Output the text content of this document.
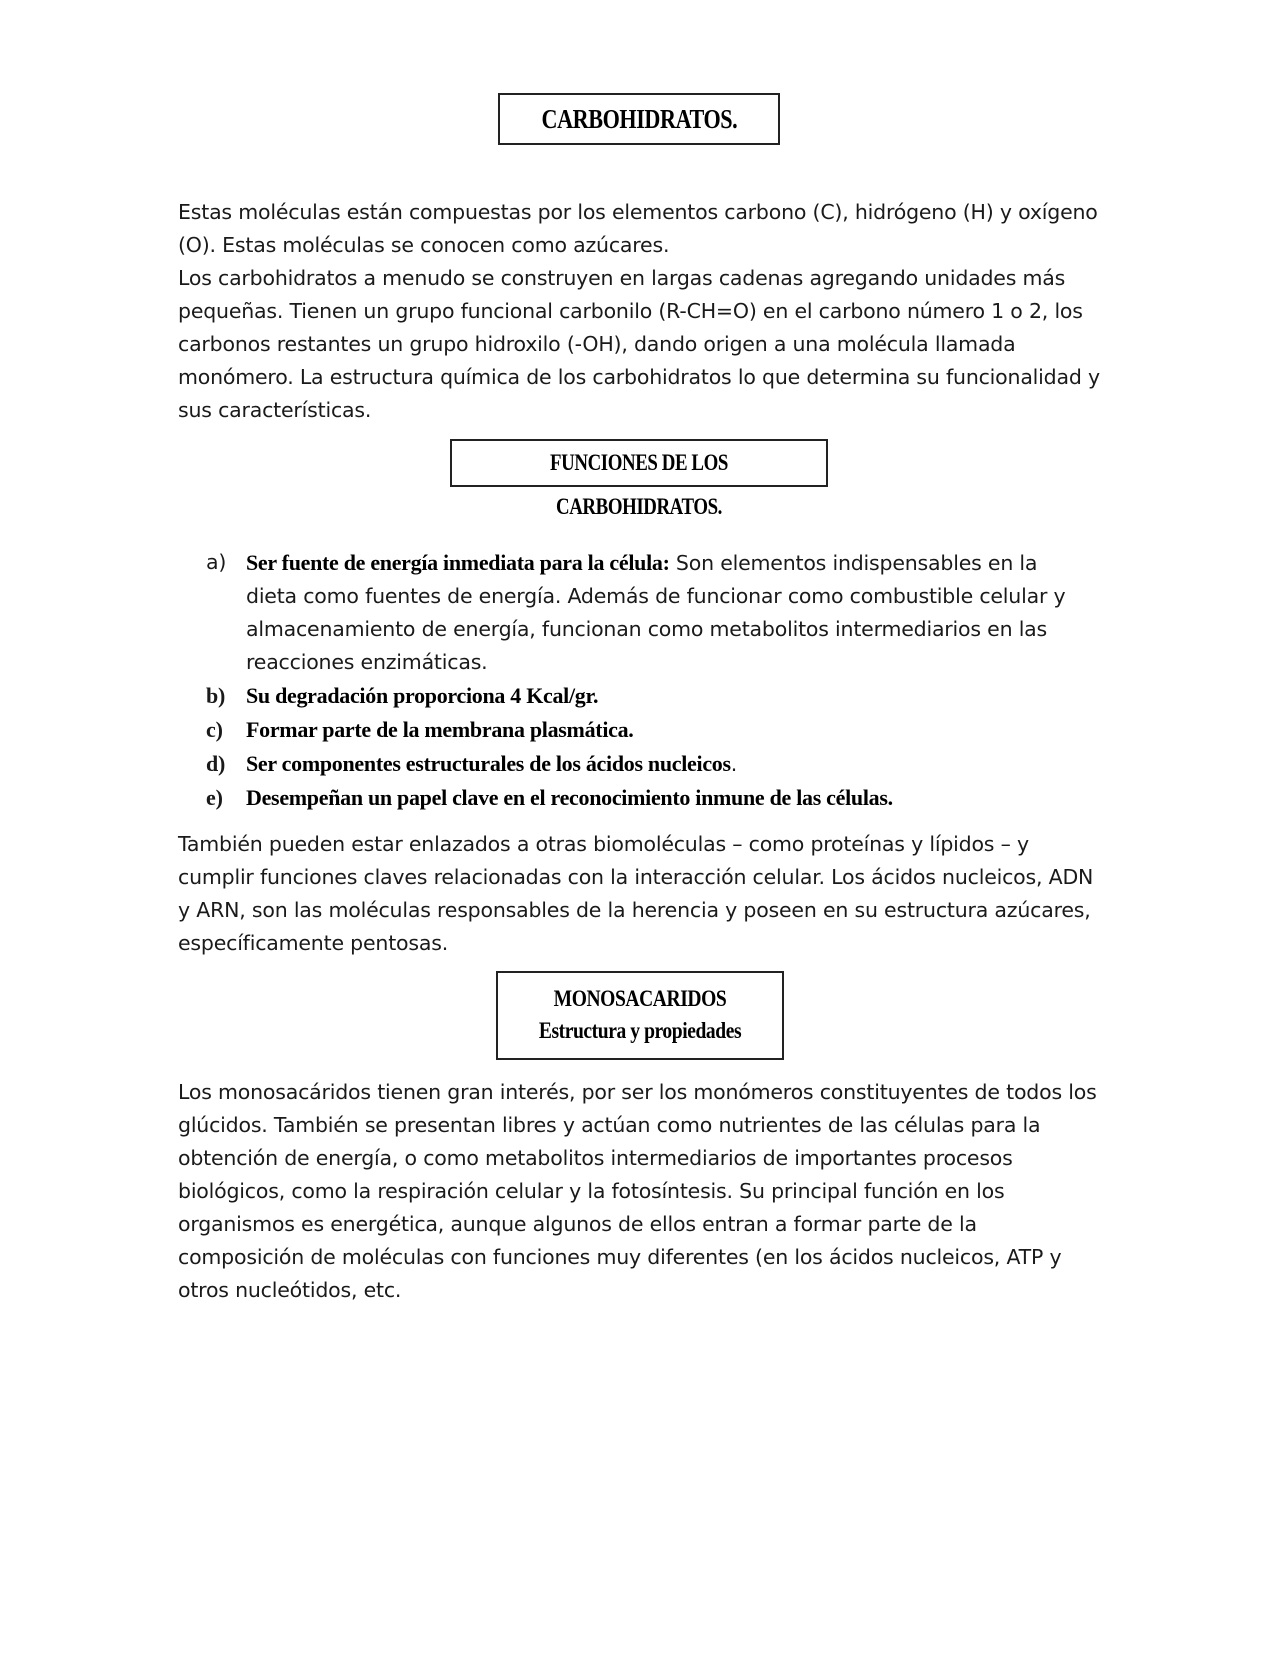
CARBOHIDRATOS.

Estas moléculas están compuestas por los elementos carbono (C), hidrógeno (H) y oxígeno (O). Estas moléculas se conocen como azúcares.

Los carbohidratos a menudo se construyen en largas cadenas agregando unidades más pequeñas. Tienen un grupo funcional carbonilo (R-CH=O) en el carbono número 1 o 2, los carbonos restantes un grupo hidroxilo (-OH), dando origen a una molécula llamada monómero. La estructura química de los carbohidratos lo que determina su funcionalidad y sus características.

FUNCIONES DE LOS CARBOHIDRATOS.
a) Ser fuente de energía inmediata para la célula: Son elementos indispensables en la dieta como fuentes de energía. Además de funcionar como combustible celular y almacenamiento de energía, funcionan como metabolitos intermediarios en las reacciones enzimáticas.
b) Su degradación proporciona 4 Kcal/gr.
c) Formar parte de la membrana plasmática.
d) Ser componentes estructurales de los ácidos nucleicos.
e) Desempeñan un papel clave en el reconocimiento inmune de las células.

También pueden estar enlazados a otras biomoléculas – como proteínas y lípidos – y cumplir funciones claves relacionadas con la interacción celular. Los ácidos nucleicos, ADN y ARN, son las moléculas responsables de la herencia y poseen en su estructura azúcares, específicamente pentosas.

MONOSACARIDOS
Estructura y propiedades

Los monosacáridos tienen gran interés, por ser los monómeros constituyentes de todos los glúcidos. También se presentan libres y actúan como nutrientes de las células para la obtención de energía, o como metabolitos intermediarios de importantes procesos biológicos, como la respiración celular y la fotosíntesis. Su principal función en los organismos es energética, aunque algunos de ellos entran a formar parte de la composición de moléculas con funciones muy diferentes (en los ácidos nucleicos, ATP y otros nucleótidos, etc.
